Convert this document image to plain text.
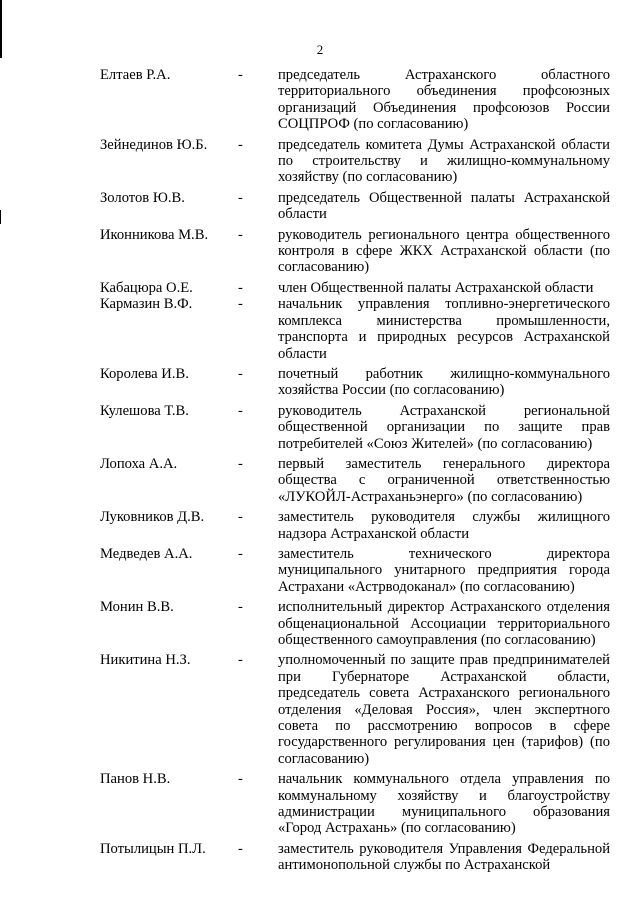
2
Елтаев Р.А.	-	председатель Астраханского областного территориального объединения профсоюзных организаций Объединения профсоюзов России СОЦПРОФ (по согласованию)
Зейнединов Ю.Б.	-	председатель комитета Думы Астраханской области по строительству и жилищно-коммунальному хозяйству (по согласованию)
Золотов Ю.В.	-	председатель Общественной палаты Астраханской области
Иконникова М.В.	-	руководитель регионального центра общественного контроля в сфере ЖКХ Астраханской области (по согласованию)
Кабацюра О.Е.	-	член Общественной палаты Астраханской области
Кармазин В.Ф.	-	начальник управления топливно-энергетического комплекса министерства промышленности, транспорта и природных ресурсов Астраханской области
Королева И.В.	-	почетный работник жилищно-коммунального хозяйства России (по согласованию)
Кулешова Т.В.	-	руководитель Астраханской региональной общественной организации по защите прав потребителей «Союз Жителей» (по согласованию)
Лопоха А.А.	-	первый заместитель генерального директора общества с ограниченной ответственностью «ЛУКОЙЛ-Астраханьэнерго» (по согласованию)
Луковников Д.В.	-	заместитель руководителя службы жилищного надзора Астраханской области
Медведев А.А.	-	заместитель технического директора муниципального унитарного предприятия города Астрахани «Астрводоканал» (по согласованию)
Монин В.В.	-	исполнительный директор Астраханского отделения общенациональной Ассоциации территориального общественного самоуправления (по согласованию)
Никитина Н.З.	-	уполномоченный по защите прав предпринимателей при Губернаторе Астраханской области, председатель совета Астраханского регионального отделения «Деловая Россия», член экспертного совета по рассмотрению вопросов в сфере государственного регулирования цен (тарифов) (по согласованию)
Панов Н.В.	-	начальник коммунального отдела управления по коммунальному хозяйству и благоустройству администрации муниципального образования «Город Астрахань» (по согласованию)
Потылицын П.Л.	-	заместитель руководителя Управления Федеральной антимонопольной службы по Астраханской
